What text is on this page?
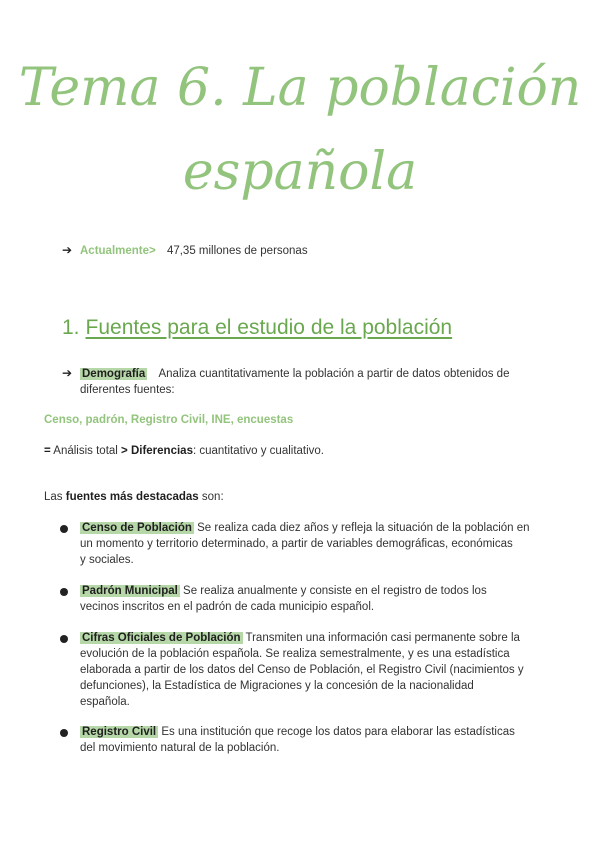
Tema 6. La población
española
➔ Actualmente> 47,35 millones de personas
1. Fuentes para el estudio de la población
➔ Demografía Analiza cuantitativamente la población a partir de datos obtenidos de
diferentes fuentes:
Censo, padrón, Registro Civil, INE, encuestas
= Análisis total > Diferencias: cuantitativo y cualitativo.
Las fuentes más destacadas son:
Censo de Población Se realiza cada diez años y refleja la situación de la población en
un momento y territorio determinado, a partir de variables demográficas, económicas
y sociales.
Padrón Municipal Se realiza anualmente y consiste en el registro de todos los
vecinos inscritos en el padrón de cada municipio español.
Cifras Oficiales de Población Transmiten una información casi permanente sobre la
evolución de la población española. Se realiza semestralmente, y es una estadística
elaborada a partir de los datos del Censo de Población, el Registro Civil (nacimientos y
defunciones), la Estadística de Migraciones y la concesión de la nacionalidad
española.
Registro Civil Es una institución que recoge los datos para elaborar las estadísticas
del movimiento natural de la población.
